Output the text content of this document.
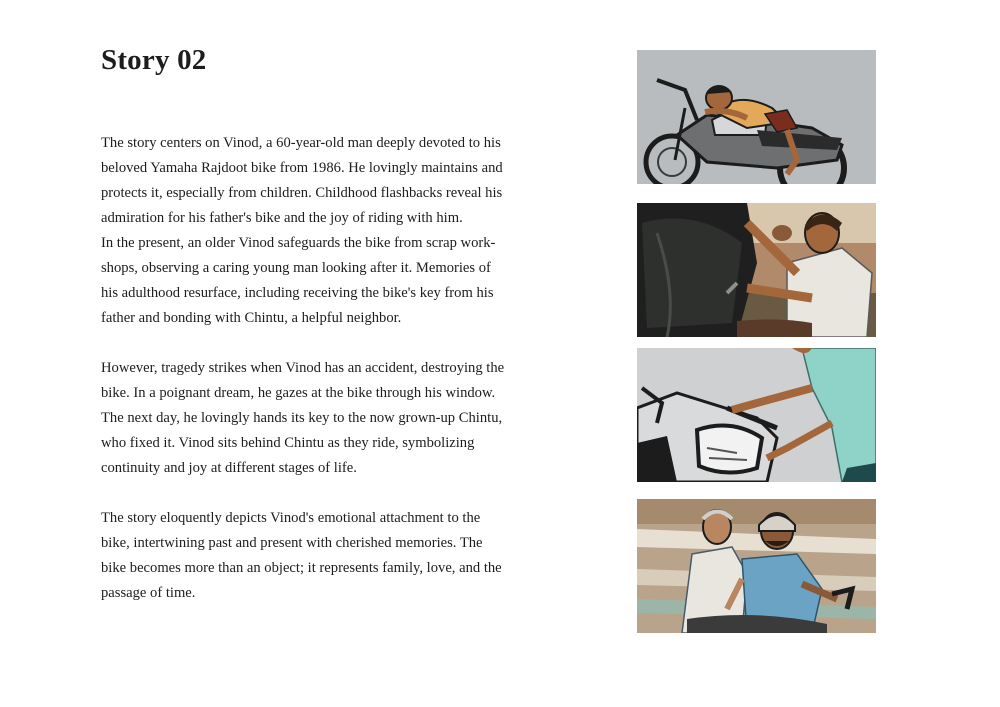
Story 02

The story centers on Vinod, a 60-year-old man deeply devoted to his beloved Yamaha Rajdoot bike from 1986. He lovingly maintains and protects it, especially from children. Childhood flashbacks reveal his admiration for his father's bike and the joy of riding with him.

In the present, an older Vinod safeguards the bike from scrap work-shops, observing a caring young man looking after it. Memories of his adulthood resurface, including receiving the bike's key from his father and bonding with Chintu, a helpful neighbor.

However, tragedy strikes when Vinod has an accident, destroying the bike. In a poignant dream, he gazes at the bike through his window. The next day, he lovingly hands its key to the now grown-up Chintu, who fixed it. Vinod sits behind Chintu as they ride, symbolizing continuity and joy at different stages of life.

The story eloquently depicts Vinod's emotional attachment to the bike, intertwining past and present with cherished memories. The bike becomes more than an object; it represents family, love, and the passage of time.
